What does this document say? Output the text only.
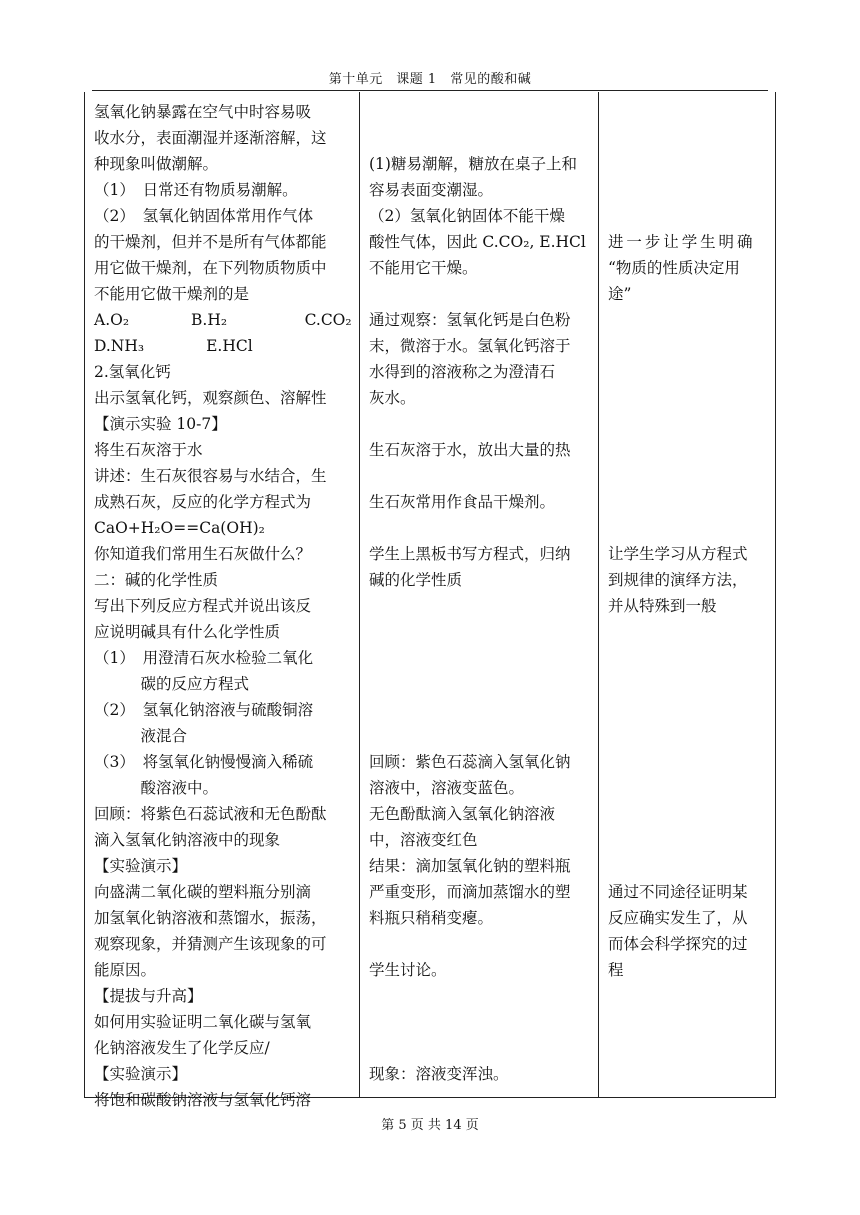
第十单元　课题 1　常见的酸和碱
氢氧化钠暴露在空气中时容易吸
收水分，表面潮湿并逐渐溶解，这
种现象叫做潮解。
（1）　日常还有物质易潮解。
（2）　氢氧化钠固体常用作气体
的干燥剂，但并不是所有气体都能
用它做干燥剂，在下列物质物质中
不能用它做干燥剂的是
A.O₂　　　　B.H₂　　　　　C.CO₂
D.NH₃　　　　E.HCl
2.氢氧化钙
出示氢氧化钙，观察颜色、溶解性
【演示实验 10-7】
将生石灰溶于水
讲述：生石灰很容易与水结合，生
成熟石灰，反应的化学方程式为
CaO+H₂O==Ca(OH)₂
你知道我们常用生石灰做什么？
二：碱的化学性质
写出下列反应方程式并说出该反
应说明碱具有什么化学性质
（1）　用澄清石灰水检验二氧化
　　　碳的反应方程式
（2）　氢氧化钠溶液与硫酸铜溶
　　　液混合
（3）　将氢氧化钠慢慢滴入稀硫
　　　酸溶液中。
回顾：将紫色石蕊试液和无色酚酞
滴入氢氧化钠溶液中的现象
【实验演示】
向盛满二氧化碳的塑料瓶分别滴
加氢氧化钠溶液和蒸馏水，振荡，
观察现象，并猜测产生该现象的可
能原因。
【提拔与升高】
如何用实验证明二氧化碳与氢氧
化钠溶液发生了化学反应/
【实验演示】
将饱和碳酸钠溶液与氢氧化钙溶
(1)糖易潮解，糖放在桌子上和
容易表面变潮湿。
（2）氢氧化钠固体不能干燥
酸性气体，因此 C.CO₂, E.HCl
不能用它干燥。
通过观察：氢氧化钙是白色粉
末，微溶于水。氢氧化钙溶于
水得到的溶液称之为澄清石
灰水。
生石灰溶于水，放出大量的热
生石灰常用作食品干燥剂。
学生上黑板书写方程式，归纳
碱的化学性质
回顾：紫色石蕊滴入氢氧化钠
溶液中，溶液变蓝色。
无色酚酞滴入氢氧化钠溶液
中，溶液变红色
结果：滴加氢氧化钠的塑料瓶
严重变形，而滴加蒸馏水的塑
料瓶只稍稍变瘪。
学生讨论。
现象：溶液变浑浊。
进 一 步 让 学 生 明 确
“物质的性质决定用
途”
让学生学习从方程式
到规律的演绎方法，
并从特殊到一般
通过不同途径证明某
反应确实发生了，从
而体会科学探究的过
程
第 5 页 共 14 页
